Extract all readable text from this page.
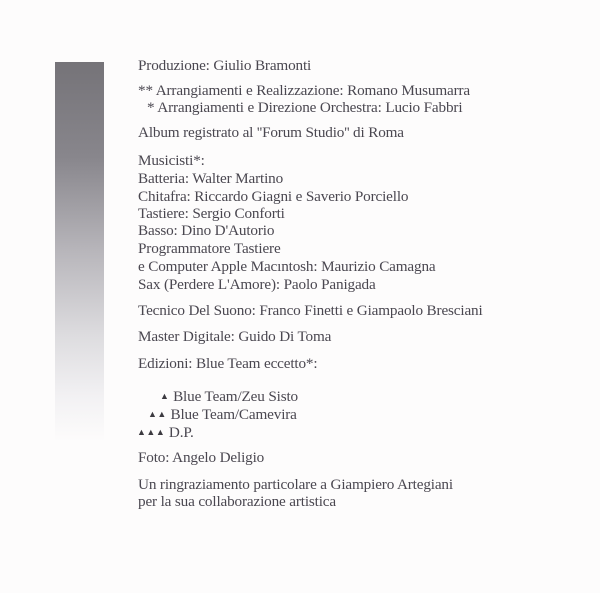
Produzione: Giulio Bramonti
** Arrangiamenti e Realizzazione: Romano Musumarra
* Arrangiamenti e Direzione Orchestra: Lucio Fabbri
Album registrato al ''Forum Studio'' di Roma
Musicisti*:
Batteria: Walter Martino
Chitafra: Riccardo Giagni e Saverio Porciello
Tastiere: Sergio Conforti
Basso: Dino D'Autorio
Programmatore Tastiere
e Computer Apple Macıntosh: Maurizio Camagna
Sax (Perdere L'Amore): Paolo Panigada
Tecnico Del Suono: Franco Finetti e Giampaolo Bresciani
Master Digitale: Guido Di Toma
Edizioni: Blue Team eccetto*:
▲ Blue Team/Zeu Sisto
▲▲ Blue Team/Camevira
▲▲▲ D.P.
Foto: Angelo Deligio
Un ringraziamento particolare a Giampiero Artegiani
per la sua collaborazione artistica
